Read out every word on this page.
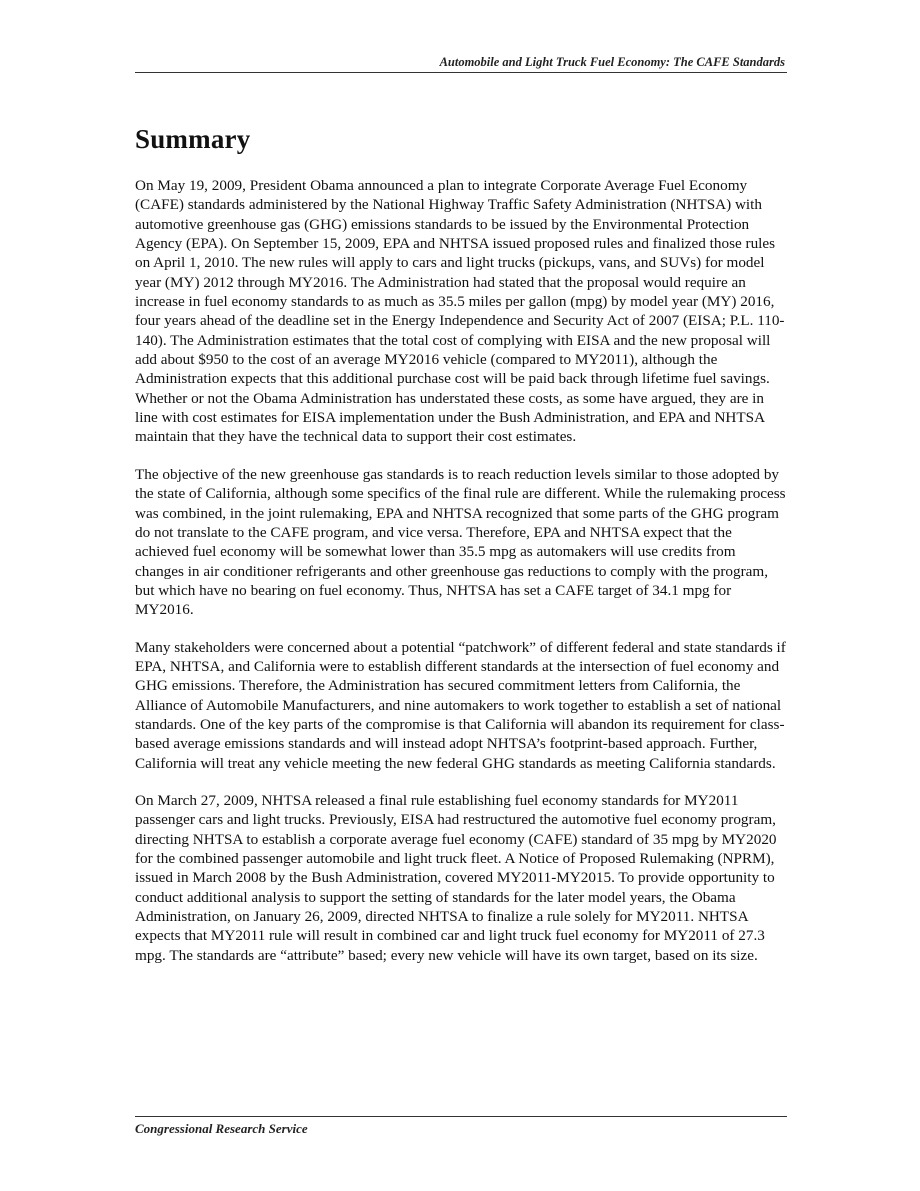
Automobile and Light Truck Fuel Economy: The CAFE Standards
Summary

On May 19, 2009, President Obama announced a plan to integrate Corporate Average Fuel Economy (CAFE) standards administered by the National Highway Traffic Safety Administration (NHTSA) with automotive greenhouse gas (GHG) emissions standards to be issued by the Environmental Protection Agency (EPA). On September 15, 2009, EPA and NHTSA issued proposed rules and finalized those rules on April 1, 2010. The new rules will apply to cars and light trucks (pickups, vans, and SUVs) for model year (MY) 2012 through MY2016. The Administration had stated that the proposal would require an increase in fuel economy standards to as much as 35.5 miles per gallon (mpg) by model year (MY) 2016, four years ahead of the deadline set in the Energy Independence and Security Act of 2007 (EISA; P.L. 110-140). The Administration estimates that the total cost of complying with EISA and the new proposal will add about $950 to the cost of an average MY2016 vehicle (compared to MY2011), although the Administration expects that this additional purchase cost will be paid back through lifetime fuel savings. Whether or not the Obama Administration has understated these costs, as some have argued, they are in line with cost estimates for EISA implementation under the Bush Administration, and EPA and NHTSA maintain that they have the technical data to support their cost estimates.

The objective of the new greenhouse gas standards is to reach reduction levels similar to those adopted by the state of California, although some specifics of the final rule are different. While the rulemaking process was combined, in the joint rulemaking, EPA and NHTSA recognized that some parts of the GHG program do not translate to the CAFE program, and vice versa. Therefore, EPA and NHTSA expect that the achieved fuel economy will be somewhat lower than 35.5 mpg as automakers will use credits from changes in air conditioner refrigerants and other greenhouse gas reductions to comply with the program, but which have no bearing on fuel economy. Thus, NHTSA has set a CAFE target of 34.1 mpg for MY2016.

Many stakeholders were concerned about a potential “patchwork” of different federal and state standards if EPA, NHTSA, and California were to establish different standards at the intersection of fuel economy and GHG emissions. Therefore, the Administration has secured commitment letters from California, the Alliance of Automobile Manufacturers, and nine automakers to work together to establish a set of national standards. One of the key parts of the compromise is that California will abandon its requirement for class-based average emissions standards and will instead adopt NHTSA’s footprint-based approach. Further, California will treat any vehicle meeting the new federal GHG standards as meeting California standards.

On March 27, 2009, NHTSA released a final rule establishing fuel economy standards for MY2011 passenger cars and light trucks. Previously, EISA had restructured the automotive fuel economy program, directing NHTSA to establish a corporate average fuel economy (CAFE) standard of 35 mpg by MY2020 for the combined passenger automobile and light truck fleet. A Notice of Proposed Rulemaking (NPRM), issued in March 2008 by the Bush Administration, covered MY2011-MY2015. To provide opportunity to conduct additional analysis to support the setting of standards for the later model years, the Obama Administration, on January 26, 2009, directed NHTSA to finalize a rule solely for MY2011. NHTSA expects that MY2011 rule will result in combined car and light truck fuel economy for MY2011 of 27.3 mpg. The standards are “attribute” based; every new vehicle will have its own target, based on its size.

Congressional Research Service
